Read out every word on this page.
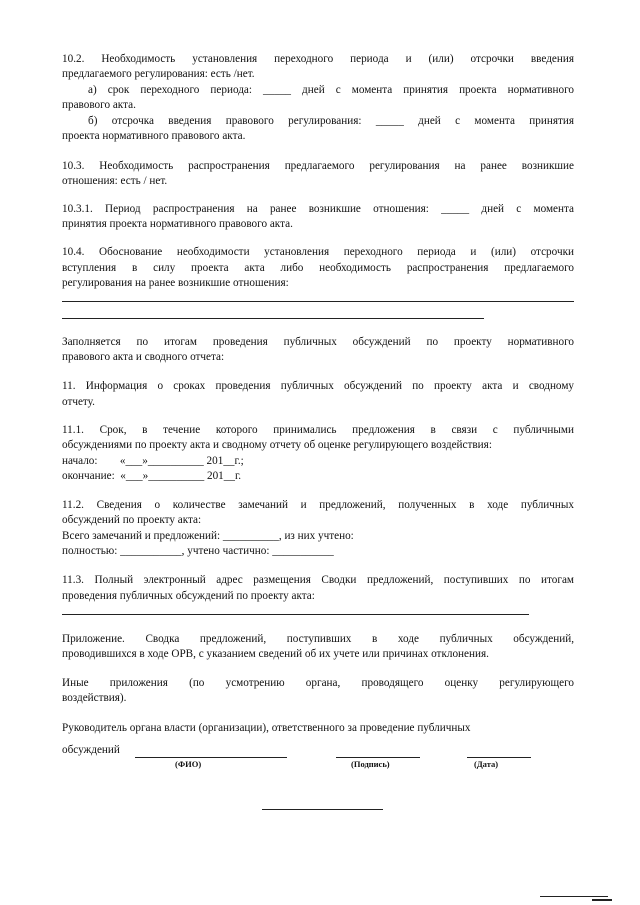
10.2. Необходимость установления переходного периода и (или) отсрочки введения
предлагаемого регулирования: есть /нет.
а) срок переходного периода: _____ дней с момента принятия проекта нормативного
правового акта.
б) отсрочка введения правового регулирования: _____ дней с момента принятия
проекта нормативного правового акта.
10.3. Необходимость распространения предлагаемого регулирования на ранее возникшие
отношения: есть / нет.
10.3.1. Период распространения на ранее возникшие отношения: _____ дней с момента
принятия проекта нормативного правового акта.
10.4. Обоснование необходимости установления переходного периода и (или) отсрочки
вступления в силу проекта акта либо необходимость распространения предлагаемого
регулирования на ранее возникшие отношения:
Заполняется по итогам проведения публичных обсуждений по проекту нормативного
правового акта и сводного отчета:
11. Информация о сроках проведения публичных обсуждений по проекту акта и сводному
отчету.
11.1. Срок, в течение которого принимались предложения в связи с публичными
обсуждениями по проекту акта и сводному отчету об оценке регулирующего воздействия:
начало:        «___»__________ 201__г.;
окончание:  «___»__________ 201__г.
11.2. Сведения о количестве замечаний и предложений, полученных в ходе публичных
обсуждений по проекту акта:
Всего замечаний и предложений: __________, из них учтено:
полностью: ___________, учтено частично: ___________
11.3. Полный электронный адрес размещения Сводки предложений, поступивших по итогам
проведения публичных обсуждений по проекту акта:
Приложение. Сводка предложений, поступивших в ходе публичных обсуждений,
проводившихся в ходе ОРВ, с указанием сведений об их учете или причинах отклонения.
Иные приложения (по усмотрению органа, проводящего оценку регулирующего
воздействия).
Руководитель органа власти (организации), ответственного за проведение публичных
обсуждений
(ФИО)	(Подпись)	(Дата)
